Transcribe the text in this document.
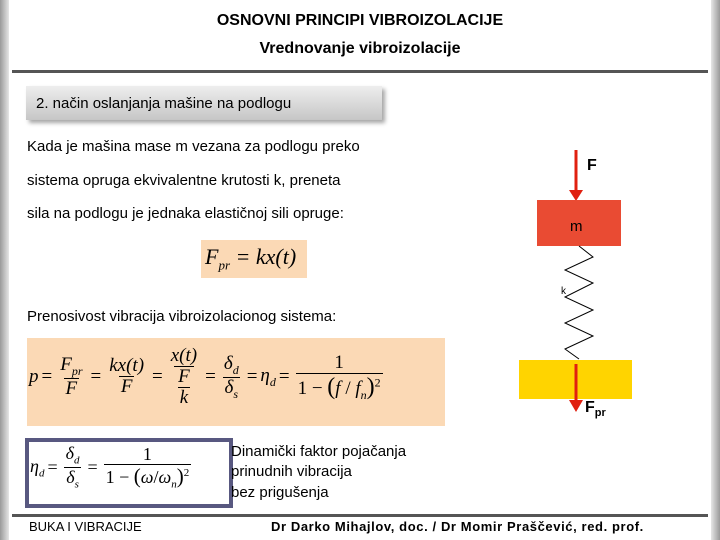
OSNOVNI PRINCIPI VIBROIZOLACIJE
Vrednovanje vibroizolacije
2. način oslanjanja mašine na podlogu
Kada je mašina mase m vezana za podlogu preko
sistema opruga ekvivalentne krutosti k, preneta
sila na podlogu je jednaka elastičnoj sili opruge:
$F_{pr} = kx(t)$
Prenosivost vibracija vibroizolacionog sistema:
$p = \frac{F_{pr}}{F} = \frac{kx(t)}{F} = \frac{x(t)}{\frac{F}{k}} = \frac{\delta_d}{\delta_s} = \eta_d = \frac{1}{1 - (f / f_n)^2}$
$\eta_d = \frac{\delta_d}{\delta_s} = \frac{1}{1 - (\omega/\omega_n)^2}$	Dinamički faktor pojačanja
prinudnih vibracija
bez prigušenja
F
m
k
$F_{pr}$
BUKA I VIBRACIJE	Dr Darko Mihajlov, doc. / Dr Momir Praščević, red. prof.
